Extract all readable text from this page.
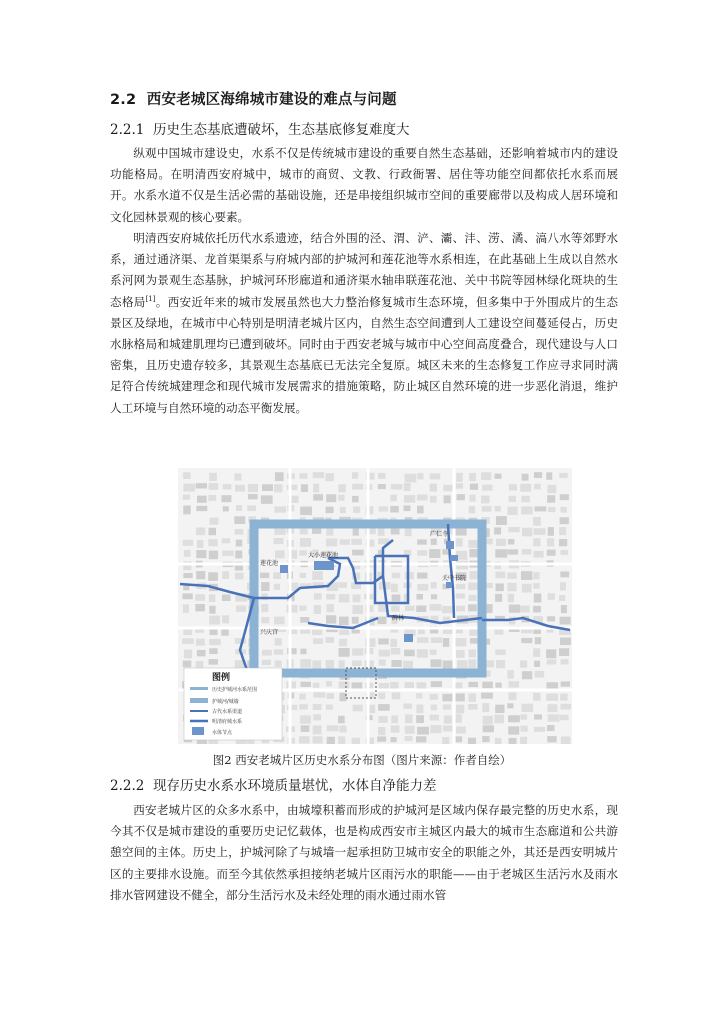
2.2 西安老城区海绵城市建设的难点与问题
2.2.1 历史生态基底遭破坏，生态基底修复难度大

纵观中国城市建设史，水系不仅是传统城市建设的重要自然生态基础，还影响着城市内的建设功能格局。在明清西安府城中，城市的商贸、文教、行政衙署、居住等功能空间都依托水系而展开。水系水道不仅是生活必需的基础设施，还是串接组织城市空间的重要廊带以及构成人居环境和文化园林景观的核心要素。

明清西安府城依托历代水系遗迹，结合外围的泾、渭、浐、灞、沣、涝、潏、滈八水等郊野水系，通过通济渠、龙首渠渠系与府城内部的护城河和莲花池等水系相连，在此基础上生成以自然水系河网为景观生态基脉，护城河环形廊道和通济渠水轴串联莲花池、关中书院等园林绿化斑块的生态格局[1]。西安近年来的城市发展虽然也大力整治修复城市生态环境，但多集中于外围成片的生态景区及绿地，在城市中心特别是明清老城片区内，自然生态空间遭到人工建设空间蔓延侵占，历史水脉格局和城建肌理均已遭到破坏。同时由于西安老城与城市中心空间高度叠合，现代建设与人口密集，且历史遗存较多，其景观生态基底已无法完全复原。城区未来的生态修复工作应寻求同时满足符合传统城建理念和现代城市发展需求的措施策略，防止城区自然环境的进一步恶化消退，维护人工环境与自然环境的动态平衡发展。

莲花池
大小莲花池
广仁寺
关中书院
碑林
兴庆宫
图例
历史护城河水系范围
护城河/城墙
古代水系渠道
明清府城水系
水体节点
图2 西安老城片区历史水系分布图（图片来源：作者自绘）
2.2.2 现存历史水系水环境质量堪忧，水体自净能力差

西安老城片区的众多水系中，由城壕积蓄而形成的护城河是区域内保存最完整的历史水系，现今其不仅是城市建设的重要历史记忆载体，也是构成西安市主城区内最大的城市生态廊道和公共游憩空间的主体。历史上，护城河除了与城墙一起承担防卫城市安全的职能之外，其还是西安明城片区的主要排水设施。而至今其依然承担接纳老城片区雨污水的职能——由于老城区生活污水及雨水排水管网建设不健全，部分生活污水及未经处理的雨水通过雨水管
